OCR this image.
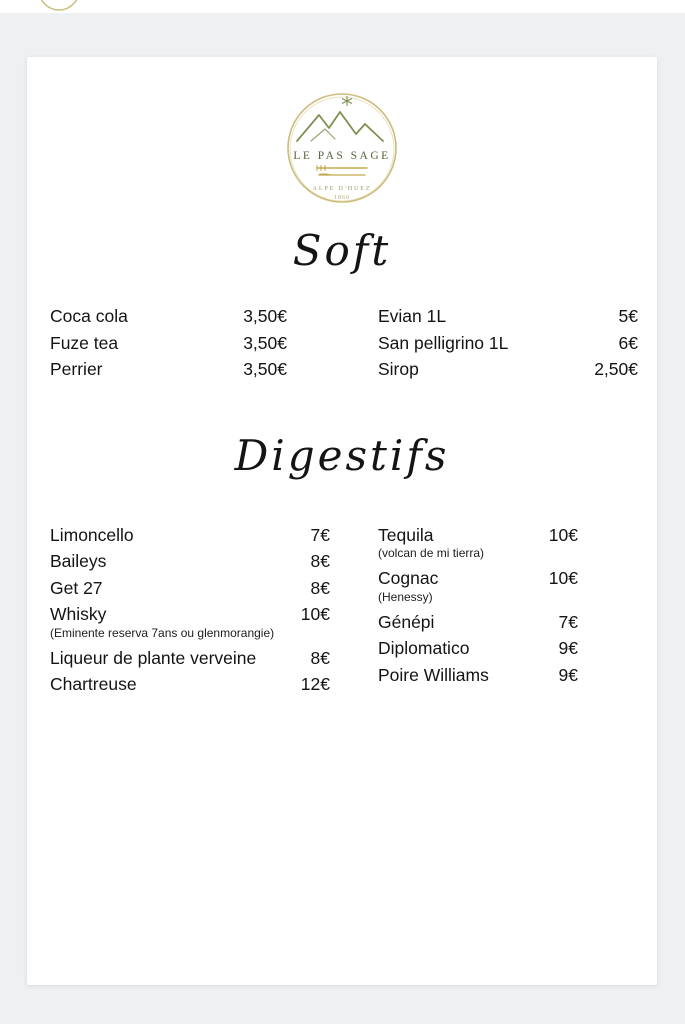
LE PAS SAGE
ALPE D'HUEZ
1860
Soft
Coca cola	3,50€
Fuze tea	3,50€
Perrier	3,50€
Evian 1L	5€
San pelligrino 1L	6€
Sirop	2,50€
Digestifs
Limoncello	7€
Baileys	8€
Get 27	8€
Whisky	10€
(Eminente reserva 7ans ou glenmorangie)
Liqueur de plante verveine	8€
Chartreuse	12€
Tequila	10€
(volcan de mi tierra)
Cognac	10€
(Henessy)
Génépi	7€
Diplomatico	9€
Poire Williams	9€
